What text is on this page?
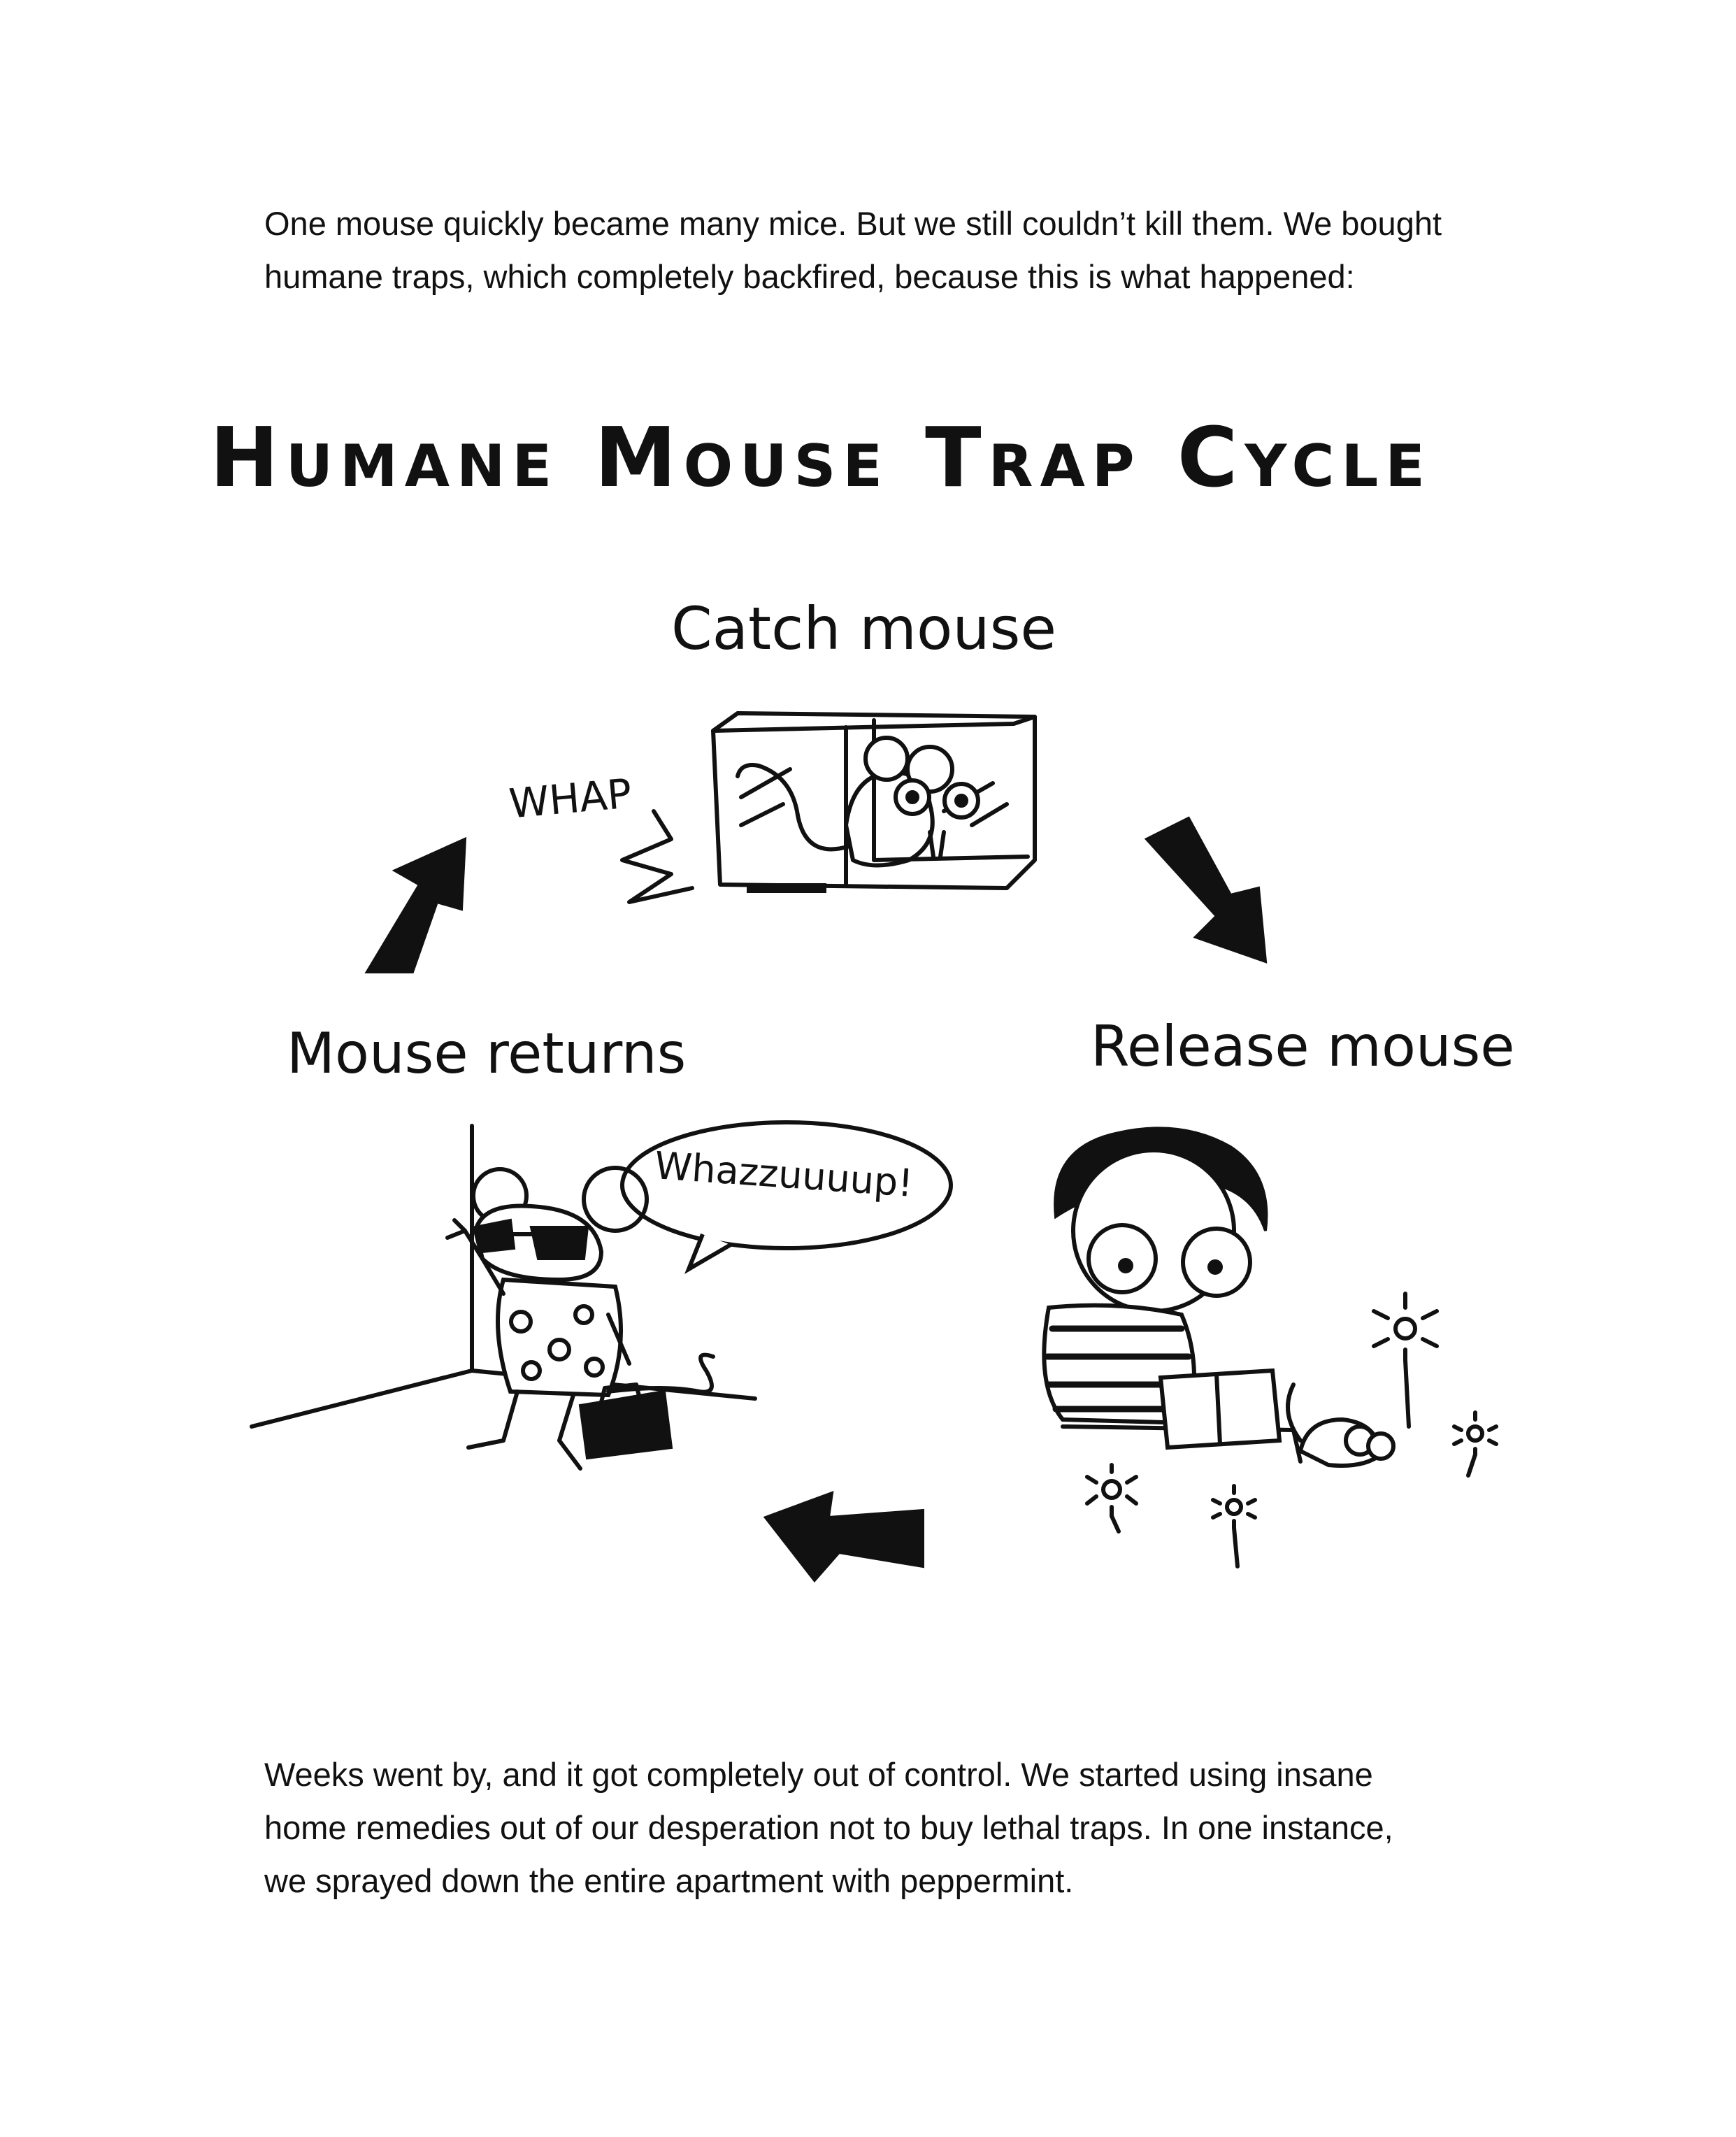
One mouse quickly became many mice. But we still couldn’t kill them. We bought
humane traps, which completely backfired, because this is what happened:

Humane Mouse Trap Cycle
Catch mouse
Release mouse
Mouse returns
WHAP
Whazzuuuup!

Weeks went by, and it got completely out of control. We started using insane
home remedies out of our desperation not to buy lethal traps. In one instance,
we sprayed down the entire apartment with peppermint.
